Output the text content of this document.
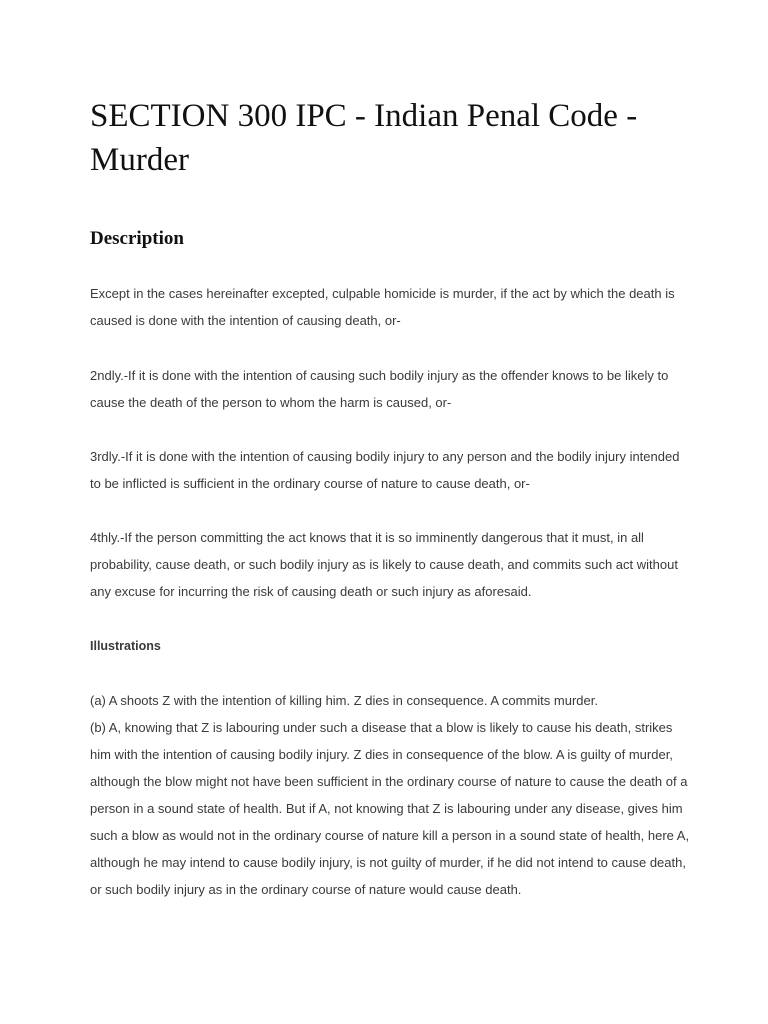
SECTION 300 IPC - Indian Penal Code - Murder
Description

Except in the cases hereinafter excepted, culpable homicide is murder, if the act by which the death is caused is done with the intention of causing death, or-

2ndly.-If it is done with the intention of causing such bodily injury as the offender knows to be likely to cause the death of the person to whom the harm is caused, or-

3rdly.-If it is done with the intention of causing bodily injury to any person and the bodily injury intended to be inflicted is sufficient in the ordinary course of nature to cause death, or-

4thly.-If the person committing the act knows that it is so imminently dangerous that it must, in all probability, cause death, or such bodily injury as is likely to cause death, and commits such act without any excuse for incurring the risk of causing death or such injury as aforesaid.

Illustrations

(a) A shoots Z with the intention of killing him. Z dies in consequence. A commits murder.

(b) A, knowing that Z is labouring under such a disease that a blow is likely to cause his death, strikes him with the intention of causing bodily injury. Z dies in consequence of the blow. A is guilty of murder, although the blow might not have been sufficient in the ordinary course of nature to cause the death of a person in a sound state of health. But if A, not knowing that Z is labouring under any disease, gives him such a blow as would not in the ordinary course of nature kill a person in a sound state of health, here A, although he may intend to cause bodily injury, is not guilty of murder, if he did not intend to cause death, or such bodily injury as in the ordinary course of nature would cause death.
